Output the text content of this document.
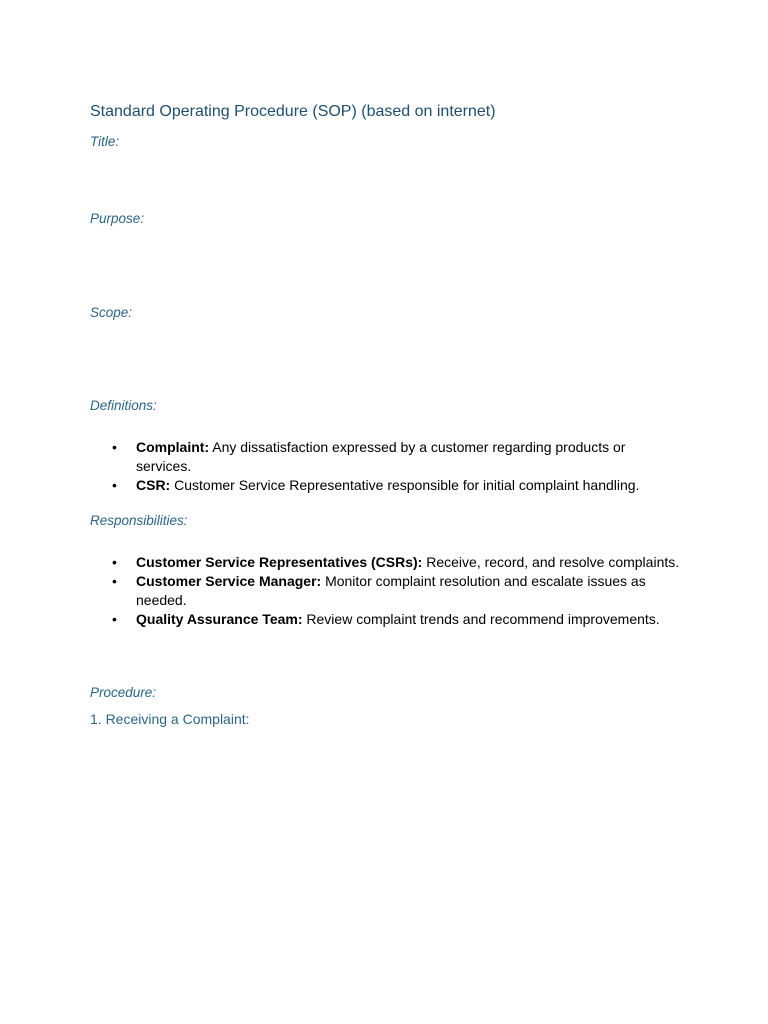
Standard Operating Procedure (SOP) (based on internet)
Title:
Purpose:
Scope:
Definitions:
• Complaint: Any dissatisfaction expressed by a customer regarding products or services.
• CSR: Customer Service Representative responsible for initial complaint handling.
Responsibilities:
• Customer Service Representatives (CSRs): Receive, record, and resolve complaints.
• Customer Service Manager: Monitor complaint resolution and escalate issues as needed.
• Quality Assurance Team: Review complaint trends and recommend improvements.
Procedure:
1. Receiving a Complaint:
